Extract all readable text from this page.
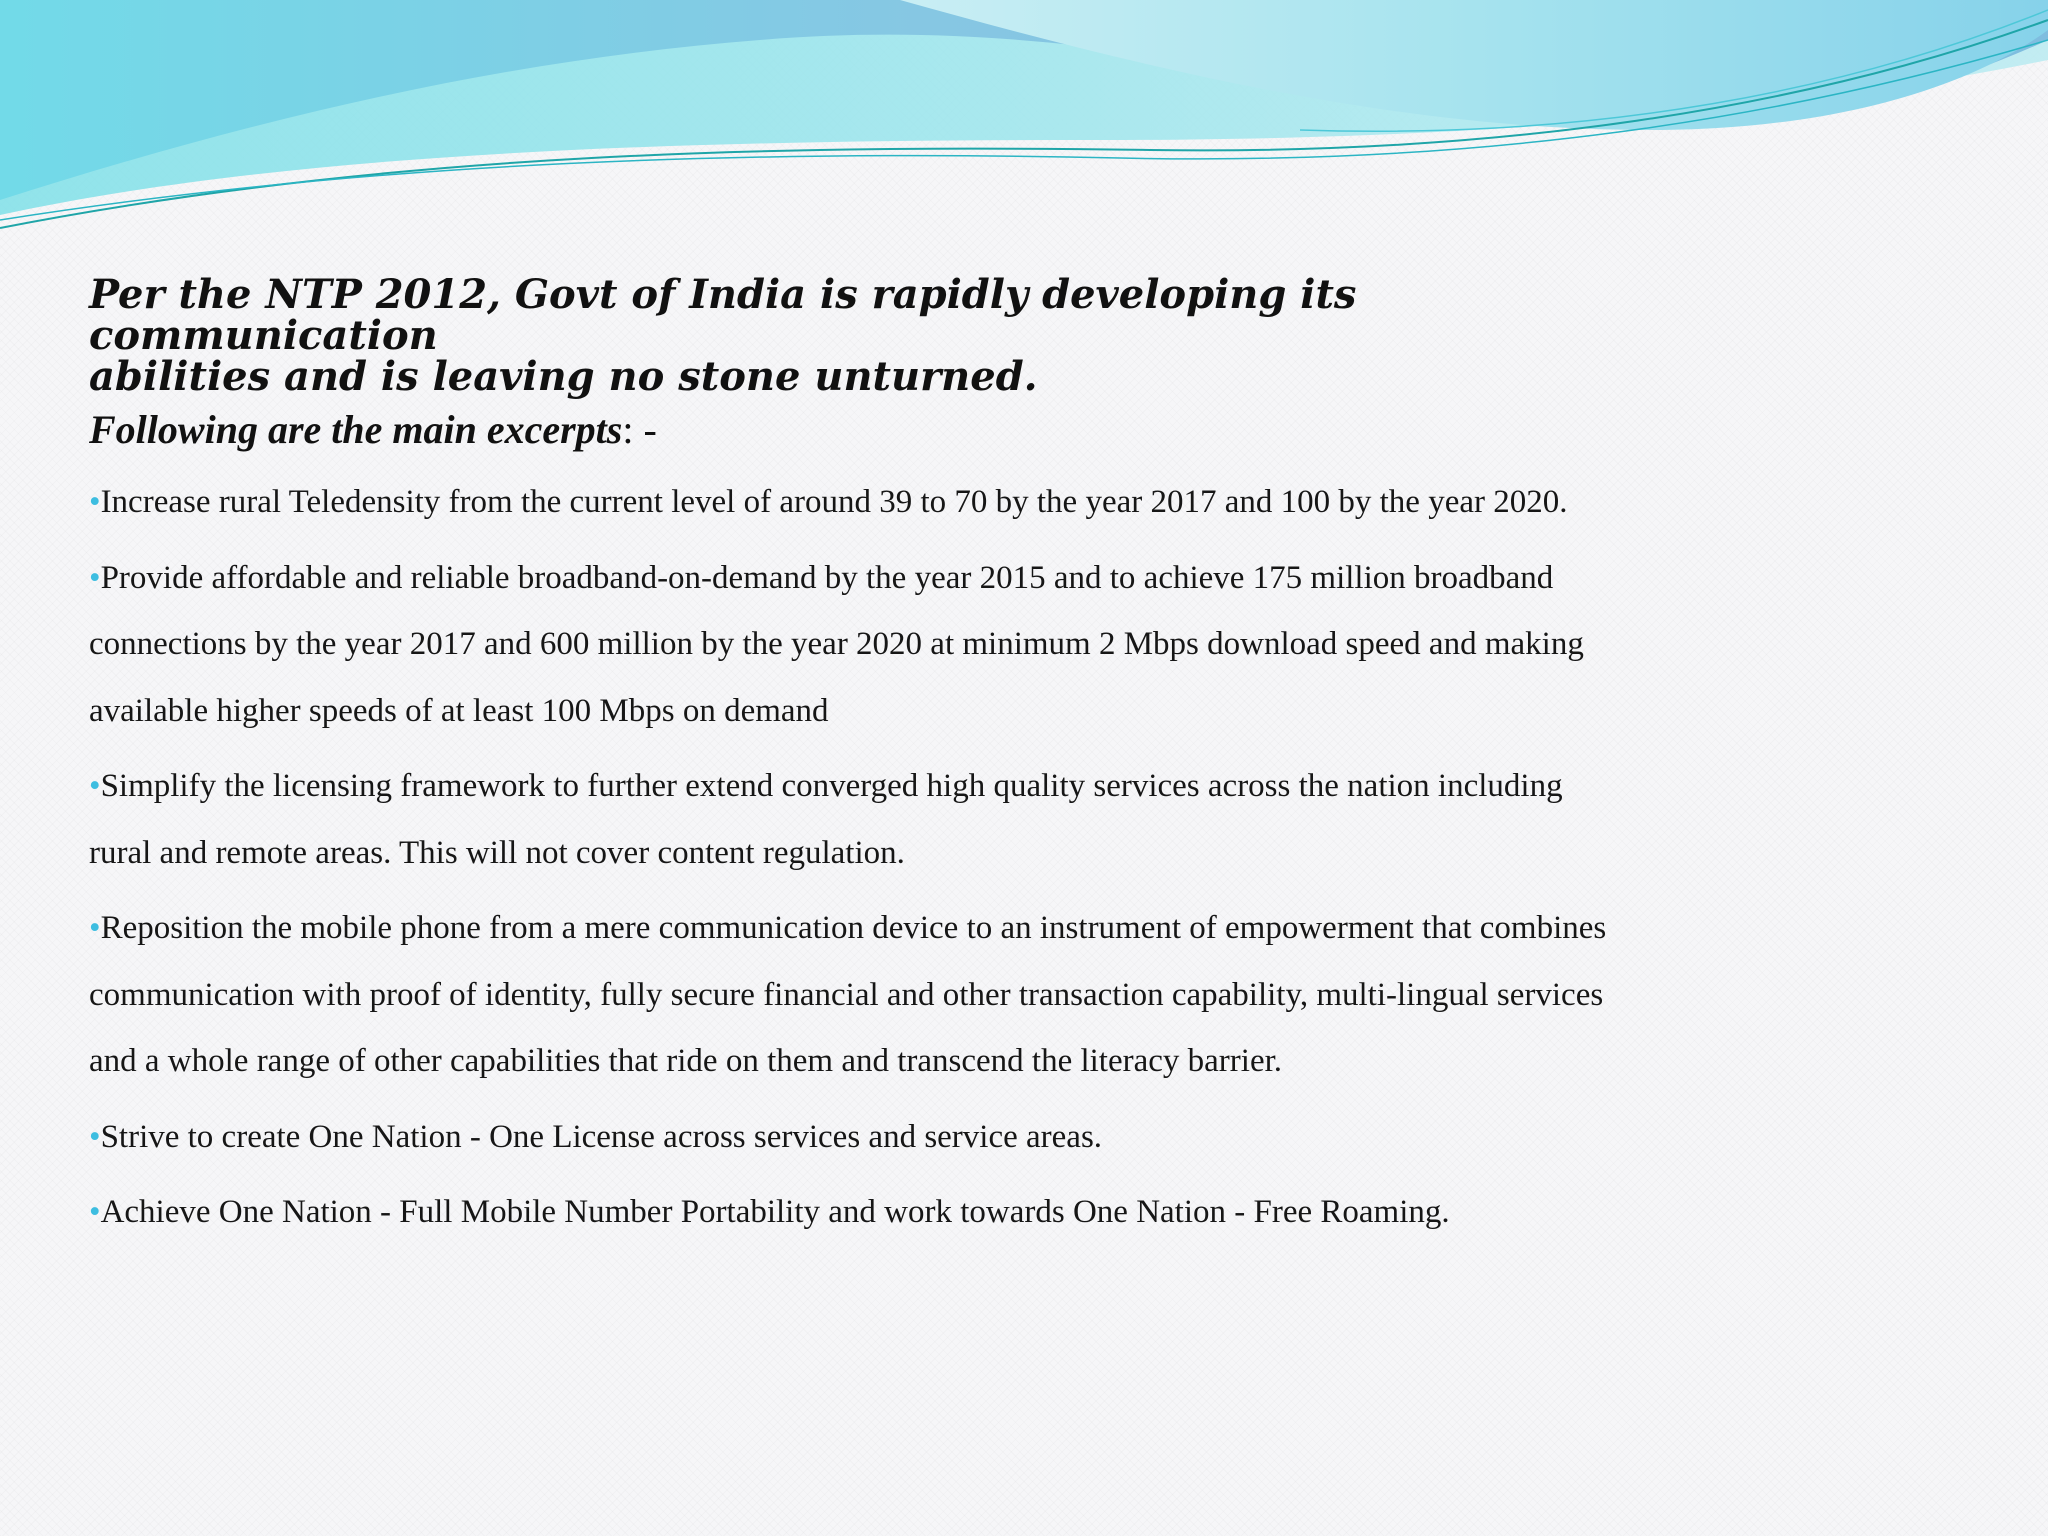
Per the NTP 2012, Govt of India is rapidly developing its communication
abilities and is leaving no stone unturned.

Following are the main excerpts: -

•Increase rural Teledensity from the current level of around 39 to 70 by the year 2017 and 100 by the year 2020.
•Provide affordable and reliable broadband-on-demand by the year 2015 and to achieve 175 million broadband connections by the year 2017 and 600 million by the year 2020 at minimum 2 Mbps download speed and making available higher speeds of at least 100 Mbps on demand
•Simplify the licensing framework to further extend converged high quality services across the nation including rural and remote areas. This will not cover content regulation.
•Reposition the mobile phone from a mere communication device to an instrument of empowerment that combines communication with proof of identity, fully secure financial and other transaction capability, multi-lingual services and a whole range of other capabilities that ride on them and transcend the literacy barrier.
•Strive to create One Nation - One License across services and service areas.
•Achieve One Nation - Full Mobile Number Portability and work towards One Nation - Free Roaming.
